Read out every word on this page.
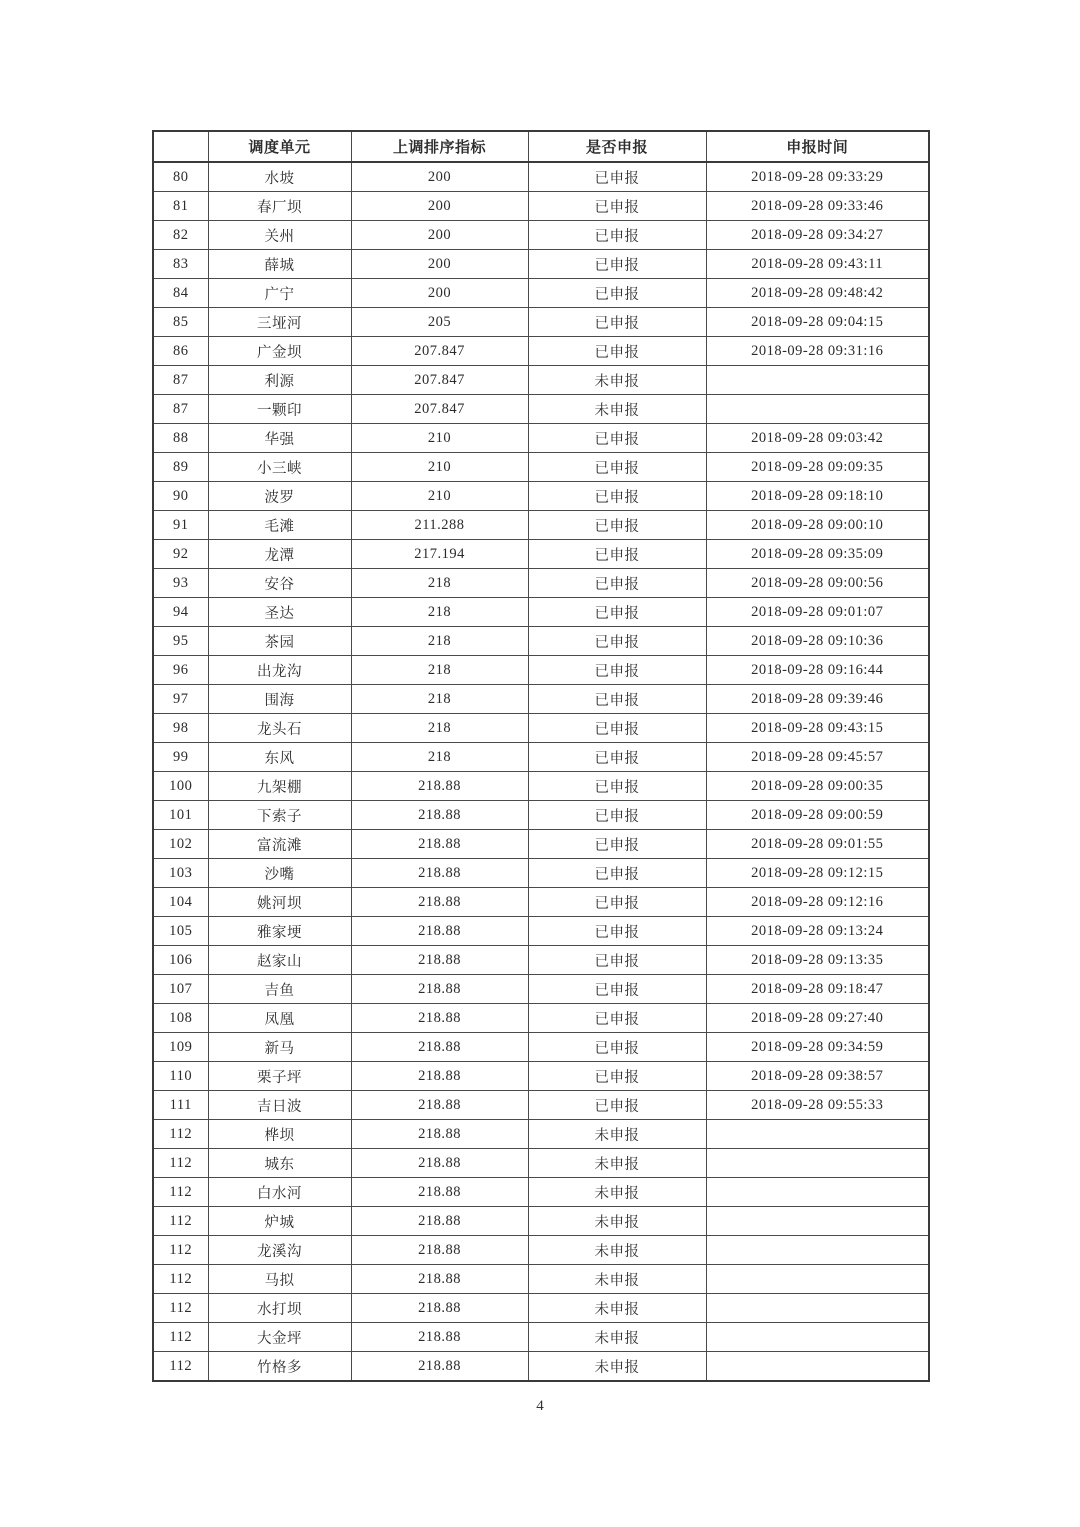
	调度单元	上调排序指标	是否申报	申报时间
80	水坡	200	已申报	2018-09-28 09:33:29
81	春厂坝	200	已申报	2018-09-28 09:33:46
82	关州	200	已申报	2018-09-28 09:34:27
83	薛城	200	已申报	2018-09-28 09:43:11
84	广宁	200	已申报	2018-09-28 09:48:42
85	三垭河	205	已申报	2018-09-28 09:04:15
86	广金坝	207.847	已申报	2018-09-28 09:31:16
87	利源	207.847	未申报	
87	一颗印	207.847	未申报	
88	华强	210	已申报	2018-09-28 09:03:42
89	小三峡	210	已申报	2018-09-28 09:09:35
90	波罗	210	已申报	2018-09-28 09:18:10
91	毛滩	211.288	已申报	2018-09-28 09:00:10
92	龙潭	217.194	已申报	2018-09-28 09:35:09
93	安谷	218	已申报	2018-09-28 09:00:56
94	圣达	218	已申报	2018-09-28 09:01:07
95	茶园	218	已申报	2018-09-28 09:10:36
96	出龙沟	218	已申报	2018-09-28 09:16:44
97	围海	218	已申报	2018-09-28 09:39:46
98	龙头石	218	已申报	2018-09-28 09:43:15
99	东风	218	已申报	2018-09-28 09:45:57
100	九架棚	218.88	已申报	2018-09-28 09:00:35
101	下索子	218.88	已申报	2018-09-28 09:00:59
102	富流滩	218.88	已申报	2018-09-28 09:01:55
103	沙嘴	218.88	已申报	2018-09-28 09:12:15
104	姚河坝	218.88	已申报	2018-09-28 09:12:16
105	雅家埂	218.88	已申报	2018-09-28 09:13:24
106	赵家山	218.88	已申报	2018-09-28 09:13:35
107	吉鱼	218.88	已申报	2018-09-28 09:18:47
108	凤凰	218.88	已申报	2018-09-28 09:27:40
109	新马	218.88	已申报	2018-09-28 09:34:59
110	栗子坪	218.88	已申报	2018-09-28 09:38:57
111	吉日波	218.88	已申报	2018-09-28 09:55:33
112	桦坝	218.88	未申报	
112	城东	218.88	未申报	
112	白水河	218.88	未申报	
112	炉城	218.88	未申报	
112	龙溪沟	218.88	未申报	
112	马拟	218.88	未申报	
112	水打坝	218.88	未申报	
112	大金坪	218.88	未申报	
112	竹格多	218.88	未申报	
4
